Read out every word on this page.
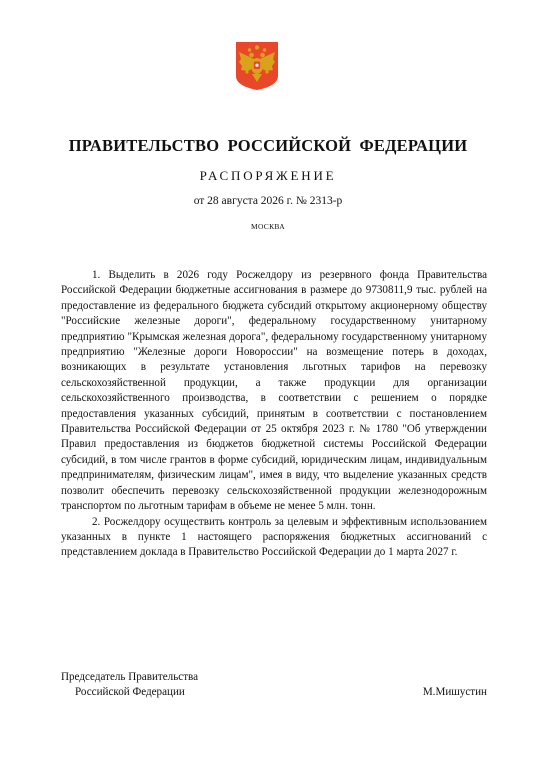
ПРАВИТЕЛЬСТВО РОССИЙСКОЙ ФЕДЕРАЦИИ
РАСПОРЯЖЕНИЕ
от 28 августа 2026 г. № 2313-р
МОСКВА

1. Выделить в 2026 году Росжелдору из резервного фонда Правительства Российской Федерации бюджетные ассигнования в размере до 9730811,9 тыс. рублей на предоставление из федерального бюджета субсидий открытому акционерному обществу "Российские железные дороги", федеральному государственному унитарному предприятию "Крымская железная дорога", федеральному государственному унитарному предприятию "Железные дороги Новороссии" на возмещение потерь в доходах, возникающих в результате установления льготных тарифов на перевозку сельскохозяйственной продукции, а также продукции для организации сельскохозяйственного производства, в соответствии с решением о порядке предоставления указанных субсидий, принятым в соответствии с постановлением Правительства Российской Федерации от 25 октября 2023 г. № 1780 "Об утверждении Правил предоставления из бюджетов бюджетной системы Российской Федерации субсидий, в том числе грантов в форме субсидий, юридическим лицам, индивидуальным предпринимателям, физическим лицам", имея в виду, что выделение указанных средств позволит обеспечить перевозку сельскохозяйственной продукции железнодорожным транспортом по льготным тарифам в объеме не менее 5 млн. тонн.

2. Росжелдору осуществить контроль за целевым и эффективным использованием указанных в пункте 1 настоящего распоряжения бюджетных ассигнований с представлением доклада в Правительство Российской Федерации до 1 марта 2027 г.

Председатель Правительства
Российской Федерации	М.Мишустин
